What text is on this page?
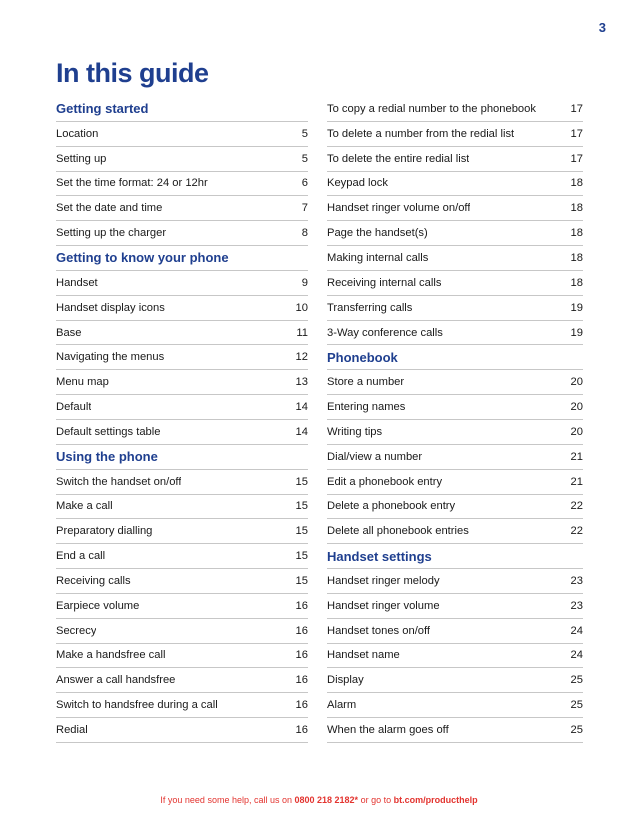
3
In this guide
Getting started
Location	5
Setting up	5
Set the time format: 24 or 12hr	6
Set the date and time	7
Setting up the charger	8
Getting to know your phone
Handset	9
Handset display icons	10
Base	11
Navigating the menus	12
Menu map	13
Default	14
Default settings table	14
Using the phone
Switch the handset on/off	15
Make a call	15
Preparatory dialling	15
End a call	15
Receiving calls	15
Earpiece volume	16
Secrecy	16
Make a handsfree call	16
Answer a call handsfree	16
Switch to handsfree during a call	16
Redial	16
To copy a redial number to the phonebook	17
To delete a number from the redial list	17
To delete the entire redial list	17
Keypad lock	18
Handset ringer volume on/off	18
Page the handset(s)	18
Making internal calls	18
Receiving internal calls	18
Transferring calls	19
3-Way conference calls	19
Phonebook
Store a number	20
Entering names	20
Writing tips	20
Dial/view a number	21
Edit a phonebook entry	21
Delete a phonebook entry	22
Delete all phonebook entries	22
Handset settings
Handset ringer melody	23
Handset ringer volume	23
Handset tones on/off	24
Handset name	24
Display	25
Alarm	25
When the alarm goes off	25
If you need some help, call us on 0800 218 2182* or go to bt.com/producthelp
